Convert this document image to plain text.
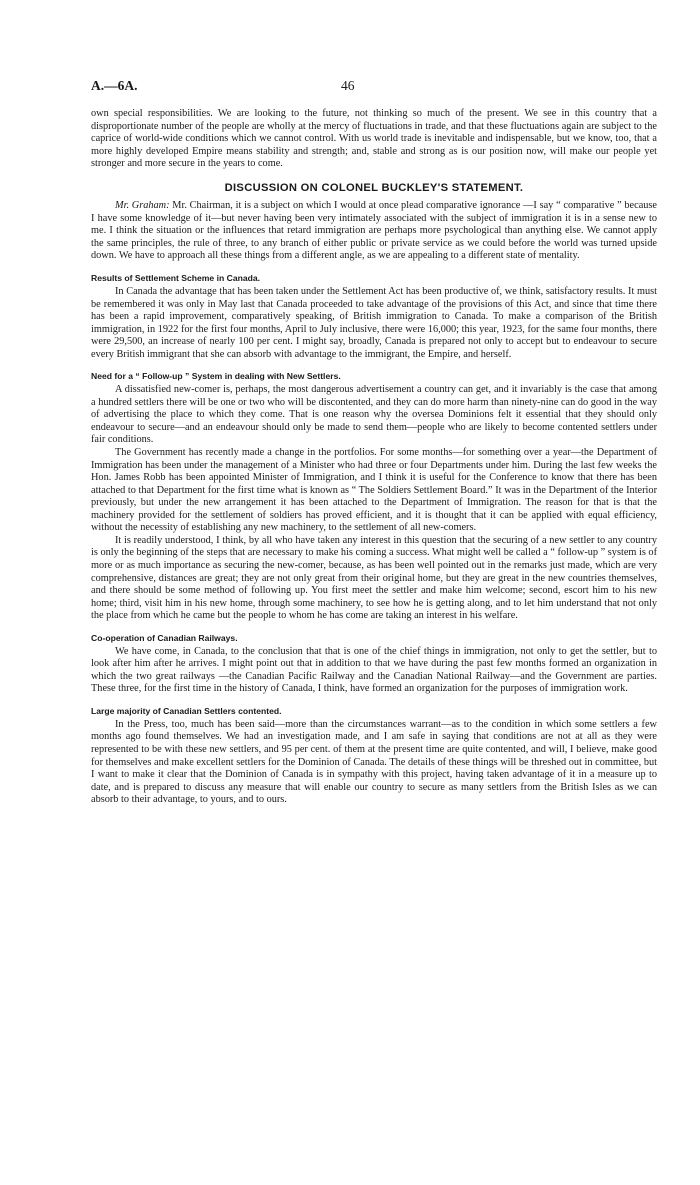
A.—6A.	46

own special responsibilities. We are looking to the future, not thinking so much of the present. We see in this country that a disproportionate number of the people are wholly at the mercy of fluctuations in trade, and that these fluctuations again are subject to the caprice of world-wide conditions which we cannot control. With us world trade is inevitable and indispensable, but we know, too, that a more highly developed Empire means stability and strength; and, stable and strong as is our position now, will make our people yet stronger and more secure in the years to come.

DISCUSSION ON COLONEL BUCKLEY'S STATEMENT.

Mr. Graham: Mr. Chairman, it is a subject on which I would at once plead comparative ignorance —I say “ comparative ” because I have some knowledge of it—but never having been very intimately associated with the subject of immigration it is in a sense new to me. I think the situation or the influences that retard immigration are perhaps more psychological than anything else. We cannot apply the same principles, the rule of three, to any branch of either public or private service as we could before the world was turned upside down. We have to approach all these things from a different angle, as we are appealing to a different state of mentality.

Results of Settlement Scheme in Canada.

In Canada the advantage that has been taken under the Settlement Act has been productive of, we think, satisfactory results. It must be remembered it was only in May last that Canada proceeded to take advantage of the provisions of this Act, and since that time there has been a rapid improvement, comparatively speaking, of British immigration to Canada. To make a comparison of the British immigration, in 1922 for the first four months, April to July inclusive, there were 16,000; this year, 1923, for the same four months, there were 29,500, an increase of nearly 100 per cent. I might say, broadly, Canada is prepared not only to accept but to endeavour to secure every British immigrant that she can absorb with advantage to the immigrant, the Empire, and herself.

Need for a “ Follow-up ” System in dealing with New Settlers.

A dissatisfied new-comer is, perhaps, the most dangerous advertisement a country can get, and it invariably is the case that among a hundred settlers there will be one or two who will be discontented, and they can do more harm than ninety-nine can do good in the way of advertising the place to which they come. That is one reason why the oversea Dominions felt it essential that they should only endeavour to secure—and an endeavour should only be made to send them—people who are likely to become contented settlers under fair conditions.

The Government has recently made a change in the portfolios. For some months—for something over a year—the Department of Immigration has been under the management of a Minister who had three or four Departments under him. During the last few weeks the Hon. James Robb has been appointed Minister of Immigration, and I think it is useful for the Conference to know that there has been attached to that Department for the first time what is known as “ The Soldiers Settlement Board.” It was in the Department of the Interior previously, but under the new arrangement it has been attached to the Department of Immigration. The reason for that is that the machinery provided for the settlement of soldiers has proved efficient, and it is thought that it can be applied with equal efficiency, without the necessity of establishing any new machinery, to the settlement of all new-comers.

It is readily understood, I think, by all who have taken any interest in this question that the securing of a new settler to any country is only the beginning of the steps that are necessary to make his coming a success. What might well be called a “ follow-up ” system is of more or as much importance as securing the new-comer, because, as has been well pointed out in the remarks just made, which are very comprehensive, distances are great; they are not only great from their original home, but they are great in the new countries themselves, and there should be some method of following up. You first meet the settler and make him welcome; second, escort him to his new home; third, visit him in his new home, through some machinery, to see how he is getting along, and to let him understand that not only the place from which he came but the people to whom he has come are taking an interest in his welfare.

Co-operation of Canadian Railways.

We have come, in Canada, to the conclusion that that is one of the chief things in immigration, not only to get the settler, but to look after him after he arrives. I might point out that in addition to that we have during the past few months formed an organization in which the two great railways —the Canadian Pacific Railway and the Canadian National Railway—and the Government are parties. These three, for the first time in the history of Canada, I think, have formed an organization for the purposes of immigration work.

Large majority of Canadian Settlers contented.

In the Press, too, much has been said—more than the circumstances warrant—as to the condition in which some settlers a few months ago found themselves. We had an investigation made, and I am safe in saying that conditions are not at all as they were represented to be with these new settlers, and 95 per cent. of them at the present time are quite contented, and will, I believe, make good for themselves and make excellent settlers for the Dominion of Canada. The details of these things will be threshed out in committee, but I want to make it clear that the Dominion of Canada is in sympathy with this project, having taken advantage of it in a measure up to date, and is prepared to discuss any measure that will enable our country to secure as many settlers from the British Isles as we can absorb to their advantage, to yours, and to ours.
